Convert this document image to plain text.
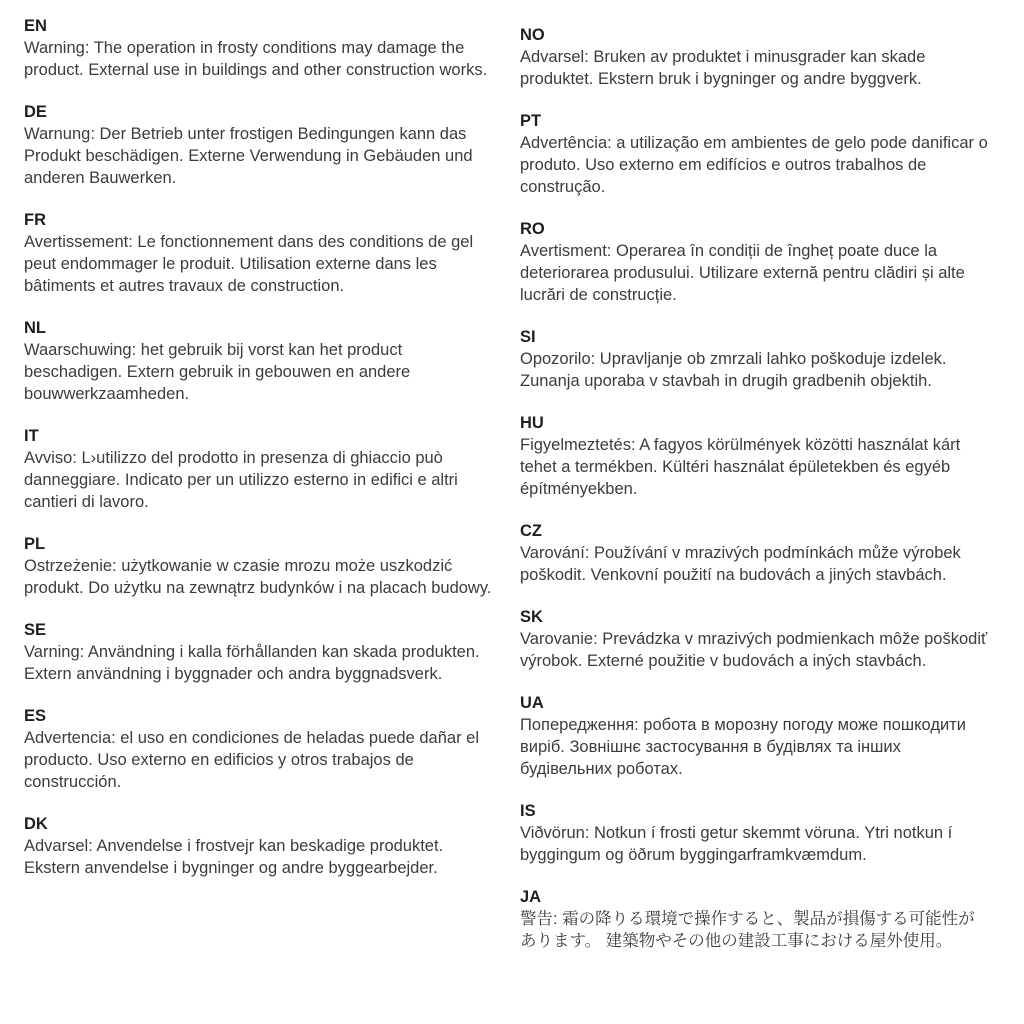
EN

Warning: The operation in frosty conditions may damage the product. External use in buildings and other construction works.

DE

Warnung: Der Betrieb unter frostigen Bedingungen kann das Produkt beschädigen. Externe Verwendung in Gebäuden und anderen Bauwerken.

FR

Avertissement: Le fonctionnement dans des conditions de gel peut endommager le produit. Utilisation externe dans les bâtiments et autres travaux de construction.

NL

Waarschuwing: het gebruik bij vorst kan het product beschadigen. Extern gebruik in gebouwen en andere bouwwerkzaamheden.

IT

Avviso: L›utilizzo del prodotto in presenza di ghiaccio può danneggiare. Indicato per un utilizzo esterno in edifici e altri cantieri di lavoro.

PL

Ostrzeżenie: użytkowanie w czasie mrozu może uszkodzić produkt. Do użytku na zewnątrz budynków i na placach budowy.

SE

Varning: Användning i kalla förhållanden kan skada produkten. Extern användning i byggnader och andra byggnadsverk.

ES

Advertencia: el uso en condiciones de heladas puede dañar el producto. Uso externo en edificios y otros trabajos de construcción.

DK

Advarsel: Anvendelse i frostvejr kan beskadige produktet. Ekstern anvendelse i bygninger og andre byggearbejder.

NO

Advarsel: Bruken av produktet i minusgrader kan skade produktet. Ekstern bruk i bygninger og andre byggverk.

PT

Advertência: a utilização em ambientes de gelo pode danificar o produto. Uso externo em edifícios e outros trabalhos de construção.

RO

Avertisment: Operarea în condiții de îngheț poate duce la deteriorarea produsului. Utilizare externă pentru clădiri și alte lucrări de construcție.

SI

Opozorilo: Upravljanje ob zmrzali lahko poškoduje izdelek. Zunanja uporaba v stavbah in drugih gradbenih objektih.

HU

Figyelmeztetés: A fagyos körülmények közötti használat kárt tehet a termékben. Kültéri használat épületekben és egyéb építményekben.

CZ

Varování: Používání v mrazivých podmínkách může výrobek poškodit. Venkovní použití na budovách a jiných stavbách.

SK

Varovanie: Prevádzka v mrazivých podmienkach môže poškodiť výrobok. Externé použitie v budovách a iných stavbách.

UA

Попередження: робота в морозну погоду може пошкодити виріб. Зовнішнє застосування в будівлях та інших будівельних роботах.

IS

Viðvörun: Notkun í frosti getur skemmt vöruna. Ytri notkun í byggingum og öðrum byggingarframkvæmdum.

JA

警告: 霜の降りる環境で操作すると、製品が損傷する可能性があります。 建築物やその他の建設工事における屋外使用。
